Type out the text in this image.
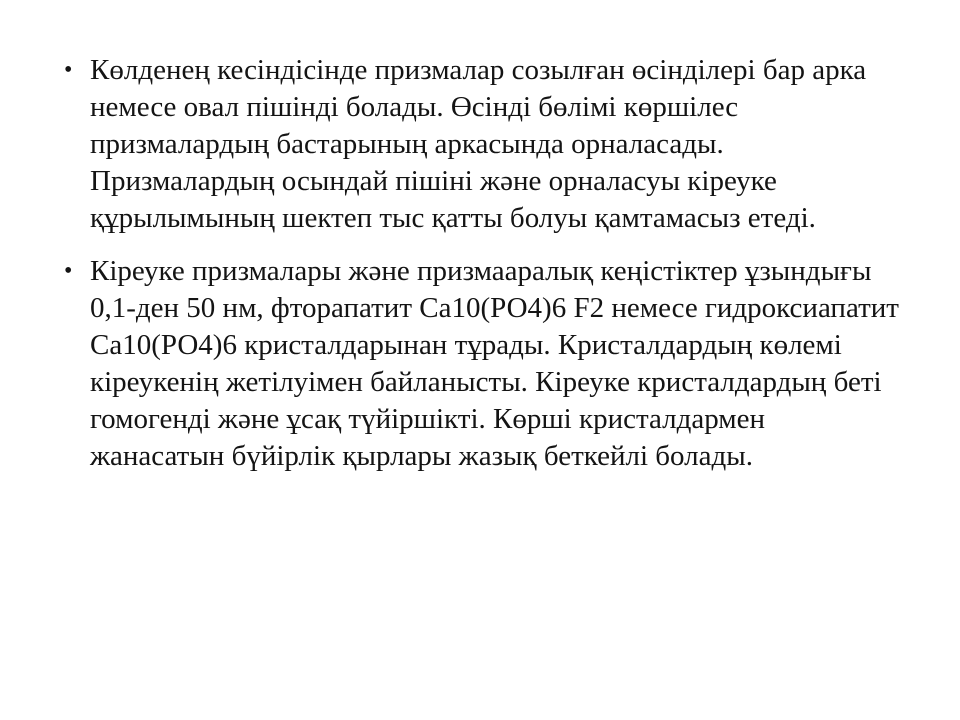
• Көлденең кесіндісінде призмалар созылған өсінділері бар арка немесе овал пішінді болады. Өсінді бөлімі көршілес призмалардың бастарының аркасында орналасады. Призмалардың осындай пішіні және орналасуы кіреуке құрылымының шектеп тыс қатты болуы қамтамасыз етеді.
• Кіреуке призмалары және призмааралық кеңістіктер ұзындығы 0,1-ден 50 нм, фторапатит Са10(РО4)6 F2 немесе гидроксиапатит Са10(РО4)6 кристалдарынан тұрады. Кристалдардың көлемі кіреукенің жетілуімен байланысты. Кіреуке кристалдардың беті гомогенді және ұсақ түйіршікті. Көрші кристалдармен жанасатын бүйірлік қырлары жазық беткейлі болады.
